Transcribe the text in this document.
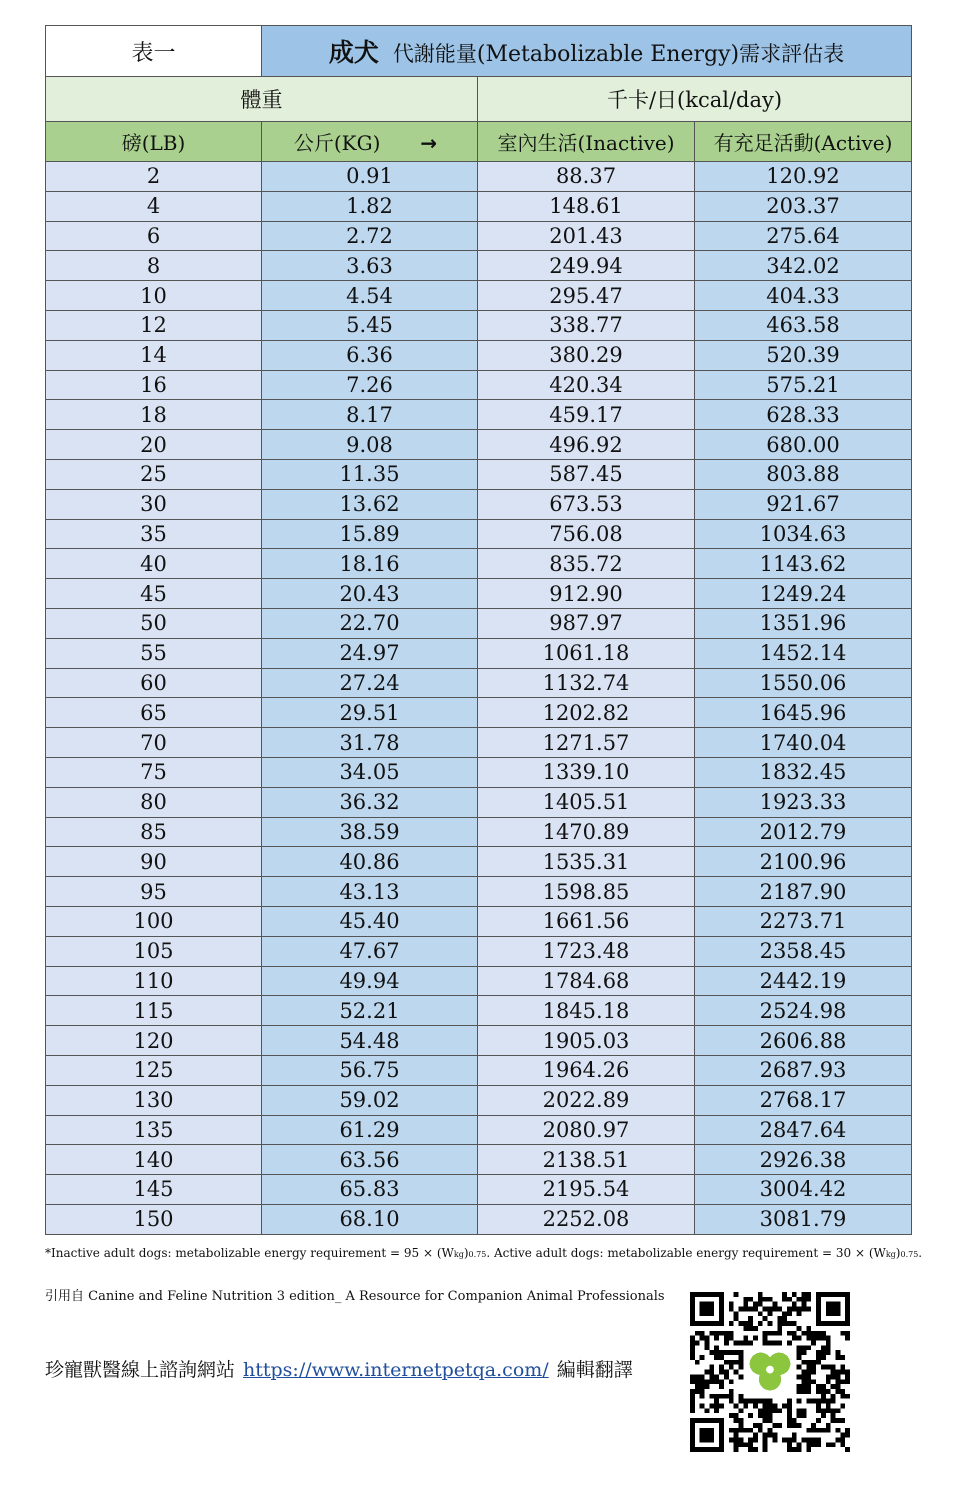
表一	成犬 代謝能量(Metabolizable Energy)需求評估表		
體重		千卡/日(kcal/day)	
磅(LB)	公斤(KG) →	室內生活(Inactive)	有充足活動(Active)
2	0.91	88.37	120.92
4	1.82	148.61	203.37
6	2.72	201.43	275.64
8	3.63	249.94	342.02
10	4.54	295.47	404.33
12	5.45	338.77	463.58
14	6.36	380.29	520.39
16	7.26	420.34	575.21
18	8.17	459.17	628.33
20	9.08	496.92	680.00
25	11.35	587.45	803.88
30	13.62	673.53	921.67
35	15.89	756.08	1034.63
40	18.16	835.72	1143.62
45	20.43	912.90	1249.24
50	22.70	987.97	1351.96
55	24.97	1061.18	1452.14
60	27.24	1132.74	1550.06
65	29.51	1202.82	1645.96
70	31.78	1271.57	1740.04
75	34.05	1339.10	1832.45
80	36.32	1405.51	1923.33
85	38.59	1470.89	2012.79
90	40.86	1535.31	2100.96
95	43.13	1598.85	2187.90
100	45.40	1661.56	2273.71
105	47.67	1723.48	2358.45
110	49.94	1784.68	2442.19
115	52.21	1845.18	2524.98
120	54.48	1905.03	2606.88
125	56.75	1964.26	2687.93
130	59.02	2022.89	2768.17
135	61.29	2080.97	2847.64
140	63.56	2138.51	2926.38
145	65.83	2195.54	3004.42
150	68.10	2252.08	3081.79
*Inactive adult dogs: metabolizable energy requirement = 95 × (Wkg)0.75. Active adult dogs: metabolizable energy requirement = 30 × (Wkg)0.75.
引用自 Canine and Feline Nutrition 3 edition_ A Resource for Companion Animal Professionals
珍寵獸醫線上諮詢網站 https://www.internetpetqa.com/ 編輯翻譯
